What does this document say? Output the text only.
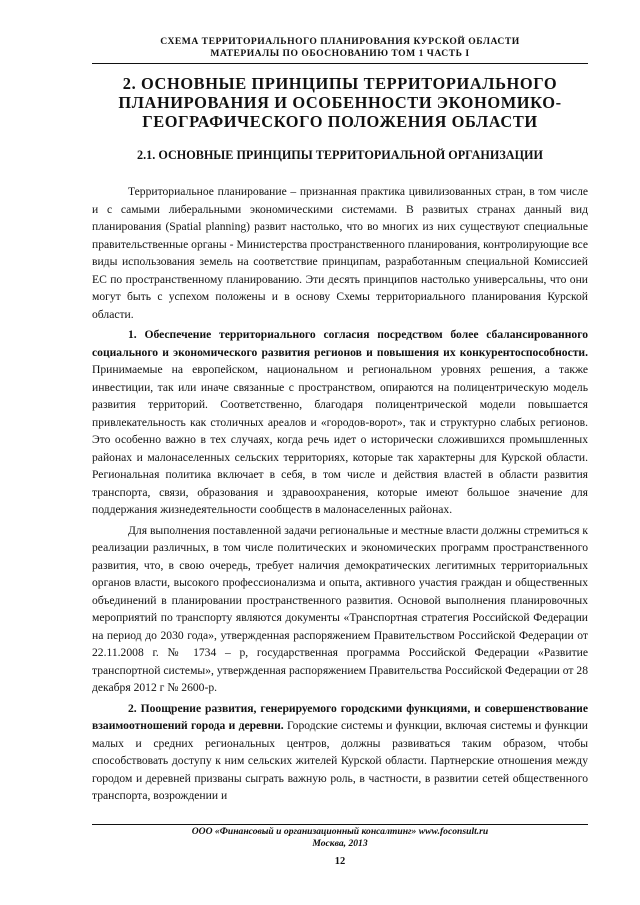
СХЕМА ТЕРРИТОРИАЛЬНОГО ПЛАНИРОВАНИЯ КУРСКОЙ ОБЛАСТИ
МАТЕРИАЛЫ ПО ОБОСНОВАНИЮ ТОМ 1 ЧАСТЬ I
2. ОСНОВНЫЕ ПРИНЦИПЫ ТЕРРИТОРИАЛЬНОГО ПЛАНИРОВАНИЯ И ОСОБЕННОСТИ ЭКОНОМИКО-ГЕОГРАФИЧЕСКОГО ПОЛОЖЕНИЯ ОБЛАСТИ
2.1. ОСНОВНЫЕ ПРИНЦИПЫ ТЕРРИТОРИАЛЬНОЙ ОРГАНИЗАЦИИ

Территориальное планирование – признанная практика цивилизованных стран, в том числе и с самыми либеральными экономическими системами. В развитых странах данный вид планирования (Spatial planning) развит настолько, что во многих из них существуют специальные правительственные органы - Министерства пространственного планирования, контролирующие все виды использования земель на соответствие принципам, разработанным специальной Комиссией ЕС по пространственному планированию. Эти десять принципов настолько универсальны, что они могут быть с успехом положены и в основу Схемы территориального планирования Курской области.

1. Обеспечение территориального согласия посредством более сбалансированного социального и экономического развития регионов и повышения их конкурентоспособности. Принимаемые на европейском, национальном и региональном уровнях решения, а также инвестиции, так или иначе связанные с пространством, опираются на полицентрическую модель развития территорий. Соответственно, благодаря полицентрической модели повышается привлекательность как столичных ареалов и «городов-ворот», так и структурно слабых регионов. Это особенно важно в тех случаях, когда речь идет о исторически сложившихся промышленных районах и малонаселенных сельских территориях, которые так характерны для Курской области. Региональная политика включает в себя, в том числе и действия властей в области развития транспорта, связи, образования и здравоохранения, которые имеют большое значение для поддержания жизнедеятельности сообществ в малонаселенных районах.

Для выполнения поставленной задачи региональные и местные власти должны стремиться к реализации различных, в том числе политических и экономических программ пространственного развития, что, в свою очередь, требует наличия демократических легитимных территориальных органов власти, высокого профессионализма и опыта, активного участия граждан и общественных объединений в планировании пространственного развития. Основой выполнения планировочных мероприятий по транспорту являются документы «Транспортная стратегия Российской Федерации на период до 2030 года», утвержденная распоряжением Правительством Российской Федерации от 22.11.2008 г. № 1734 – р, государственная программа Российской Федерации «Развитие транспортной системы», утвержденная распоряжением Правительства Российской Федерации от 28 декабря 2012 г № 2600-р.

2. Поощрение развития, генерируемого городскими функциями, и совершенствование взаимоотношений города и деревни. Городские системы и функции, включая системы и функции малых и средних региональных центров, должны развиваться таким образом, чтобы способствовать доступу к ним сельских жителей Курской области. Партнерские отношения между городом и деревней призваны сыграть важную роль, в частности, в развитии сетей общественного транспорта, возрождении и

ООО «Финансовый и организационный консалтинг» www.foconsult.ru
Москва, 2013
12
